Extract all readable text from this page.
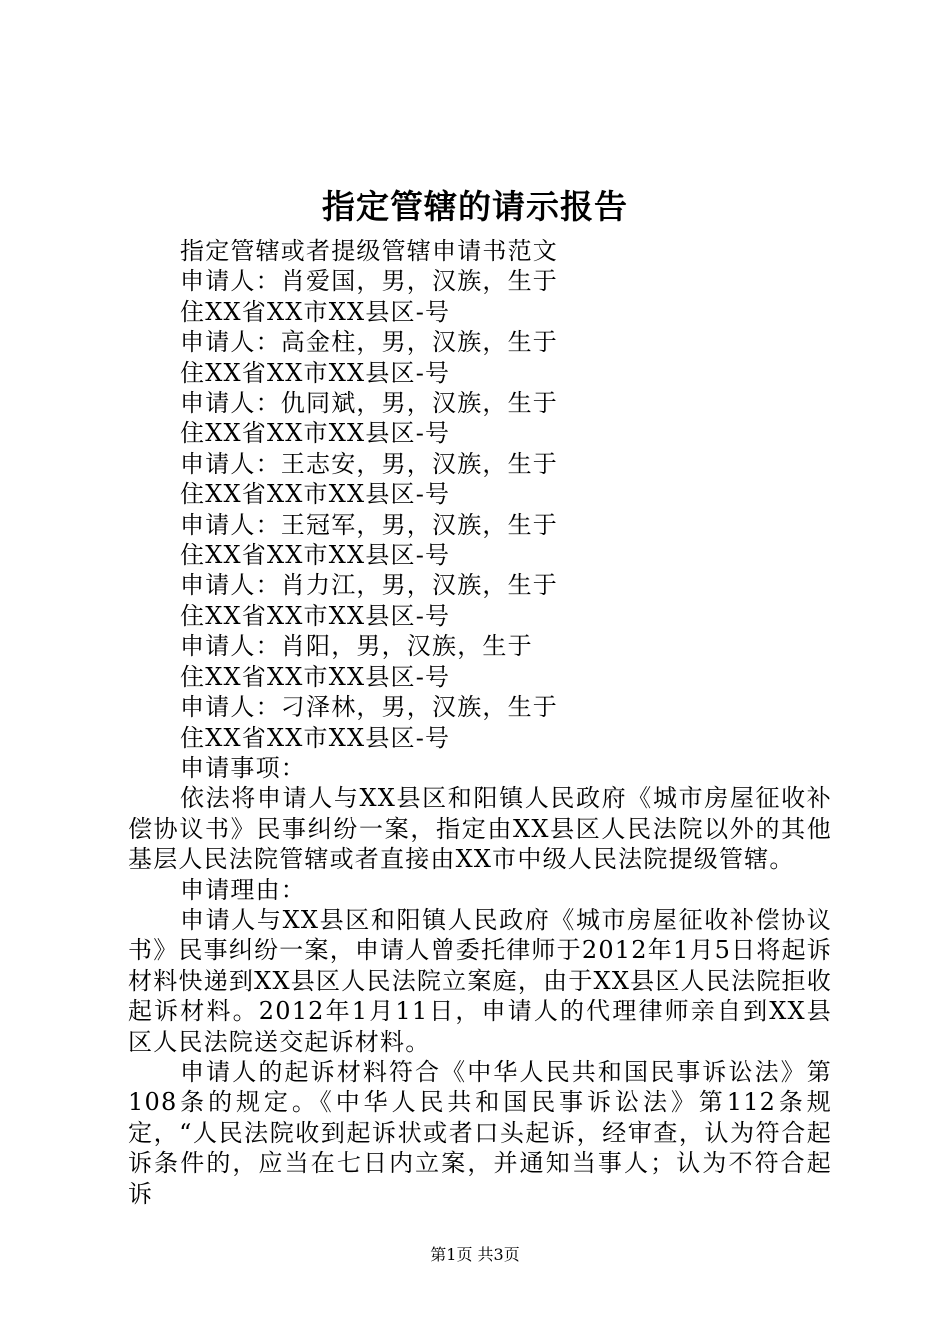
指定管辖的请示报告

指定管辖或者提级管辖申请书范文

申请人：肖爱国，男，汉族，生于

住XX省XX市XX县区-号

申请人：高金柱，男，汉族，生于

住XX省XX市XX县区-号

申请人：仇同斌，男，汉族，生于

住XX省XX市XX县区-号

申请人：王志安，男，汉族，生于

住XX省XX市XX县区-号

申请人：王冠军，男，汉族，生于

住XX省XX市XX县区-号

申请人：肖力江，男，汉族，生于

住XX省XX市XX县区-号

申请人：肖阳，男，汉族，生于

住XX省XX市XX县区-号

申请人：刁泽林，男，汉族，生于

住XX省XX市XX县区-号

申请事项：

依法将申请人与XX县区和阳镇人民政府《城市房屋征收补偿协议书》民事纠纷一案，指定由XX县区人民法院以外的其他基层人民法院管辖或者直接由XX市中级人民法院提级管辖。

申请理由：

申请人与XX县区和阳镇人民政府《城市房屋征收补偿协议书》民事纠纷一案，申请人曾委托律师于2012年1月5日将起诉材料快递到XX县区人民法院立案庭，由于XX县区人民法院拒收起诉材料。2012年1月11日，申请人的代理律师亲自到XX县区人民法院送交起诉材料。

申请人的起诉材料符合《中华人民共和国民事诉讼法》第108条的规定。《中华人民共和国民事诉讼法》第112条规定，“人民法院收到起诉状或者口头起诉，经审查，认为符合起诉条件的，应当在七日内立案，并通知当事人；认为不符合起诉

第1页 共3页
